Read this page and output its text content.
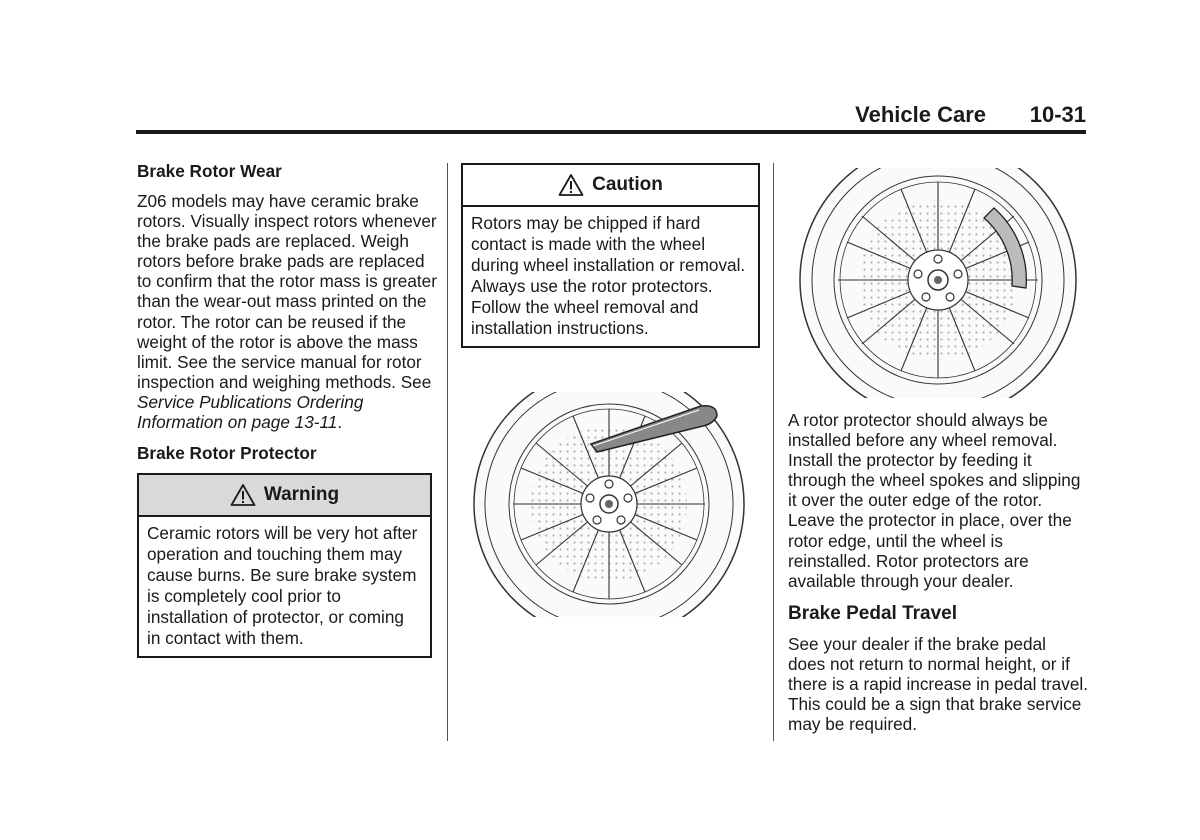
Vehicle Care 10-31
Brake Rotor Wear

Z06 models may have ceramic brake rotors. Visually inspect rotors whenever the brake pads are replaced. Weigh rotors before brake pads are replaced to confirm that the rotor mass is greater than the wear-out mass printed on the rotor. The rotor can be reused if the weight of the rotor is above the mass limit. See the service manual for rotor inspection and weighing methods. See Service Publications Ordering Information on page 13-11.

Brake Rotor Protector
Warning
Ceramic rotors will be very hot after operation and touching them may cause burns. Be sure brake system is completely cool prior to installation of protector, or coming in contact with them.
Caution
Rotors may be chipped if hard contact is made with the wheel during wheel installation or removal. Always use the rotor protectors. Follow the wheel removal and installation instructions.

A rotor protector should always be installed before any wheel removal. Install the protector by feeding it through the wheel spokes and slipping it over the outer edge of the rotor. Leave the protector in place, over the rotor edge, until the wheel is reinstalled. Rotor protectors are available through your dealer.

Brake Pedal Travel

See your dealer if the brake pedal does not return to normal height, or if there is a rapid increase in pedal travel. This could be a sign that brake service may be required.
